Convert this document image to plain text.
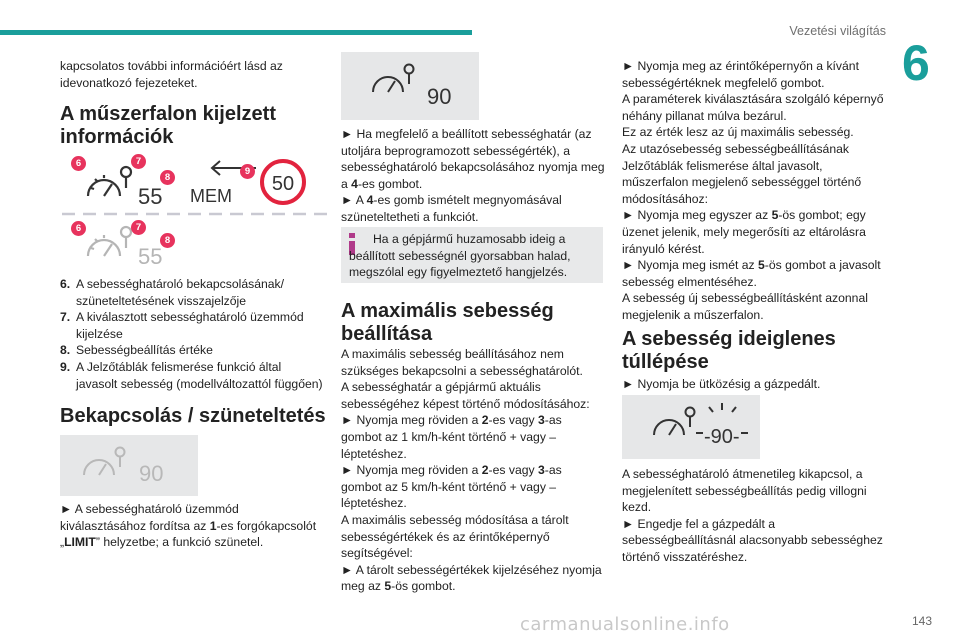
Vezetési világítás
6

kapcsolatos további információért lásd az idevonatkozó fejezeteket.

A műszerfalon kijelzett információk
55 MEM
50
55
6	7
8
9
6	7
8
6. A sebességhatároló bekapcsolásának/ szüneteltetésének visszajelzője
7. A kiválasztott sebességhatároló üzemmód kijelzése
8. Sebességbeállítás értéke
9. A Jelzőtáblák felismerése funkció által javasolt sebesség (modellváltozattól függően)
Bekapcsolás / szüneteltetés
90

► A sebességhatároló üzemmód kiválasztásához fordítsa az 1-es forgókapcsolót „LIMIT” helyzetbe; a funkció szünetel.

90

► Ha megfelelő a beállított sebességhatár (az utoljára beprogramozott sebességérték), a sebességhatároló bekapcsolásához nyomja meg a 4-es gombot.

► A 4-es gomb ismételt megnyomásával szüneteltetheti a funkciót.

Ha a gépjármű huzamosabb ideig a beállított sebességnél gyorsabban halad, megszólal egy figyelmeztető hangjelzés.

A maximális sebesség beállítása

A maximális sebesség beállításához nem szükséges bekapcsolni a sebességhatárolót.

A sebességhatár a gépjármű aktuális sebességéhez képest történő módosításához:

► Nyomja meg röviden a 2-es vagy 3-as gombot az 1 km/h-ként történő + vagy – léptetéshez.

► Nyomja meg röviden a 2-es vagy 3-as gombot az 5 km/h-ként történő + vagy – léptetéshez.

A maximális sebesség módosítása a tárolt sebességértékek és az érintőképernyő segítségével:

► A tárolt sebességértékek kijelzéséhez nyomja meg az 5-ös gombot.

► Nyomja meg az érintőképernyőn a kívánt sebességértéknek megfelelő gombot.

A paraméterek kiválasztására szolgáló képernyő néhány pillanat múlva bezárul.

Ez az érték lesz az új maximális sebesség.

Az utazósebesség sebességbeállításának Jelzőtáblák felismerése által javasolt, műszerfalon megjelenő sebességgel történő módosításához:

► Nyomja meg egyszer az 5-ös gombot; egy üzenet jelenik, mely megerősíti az eltárolásra irányuló kérést.

► Nyomja meg ismét az 5-ös gombot a javasolt sebesség elmentéséhez.

A sebesség új sebességbeállításként azonnal megjelenik a műszerfalon.

A sebesség ideiglenes túllépése

► Nyomja be ütközésig a gázpedált.

-90-

A sebességhatároló átmenetileg kikapcsol, a megjelenített sebességbeállítás pedig villogni kezd.

► Engedje fel a gázpedált a sebességbeállításnál alacsonyabb sebességhez történő visszatéréshez.

carmanualsonline.info	143
